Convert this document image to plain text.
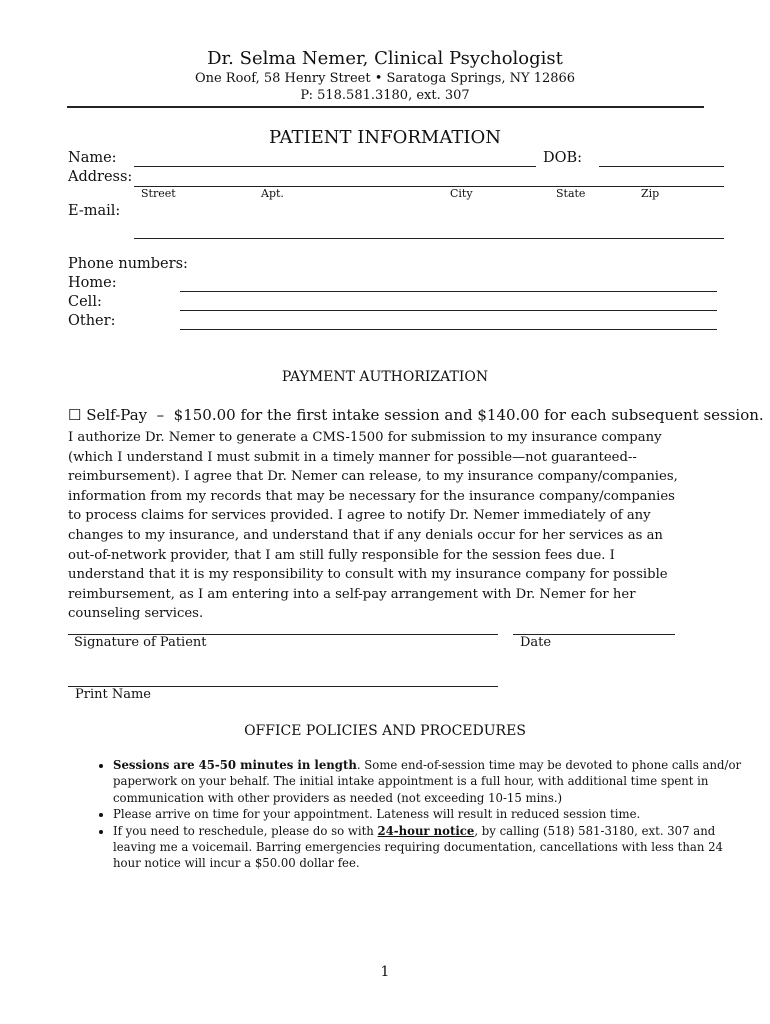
Dr. Selma Nemer, Clinical Psychologist
One Roof, 58 Henry Street • Saratoga Springs, NY 12866
P: 518.581.3180, ext. 307
PATIENT INFORMATION
Name:	DOB:
Address:
Street	Apt.	City	State	Zip
E-mail:
Phone numbers:
Home:
Cell:
Other:
PAYMENT AUTHORIZATION
☐ Self-Pay  –  $150.00 for the first intake session and $140.00 for each subsequent session.
I authorize Dr. Nemer to generate a CMS-1500 for submission to my insurance company (which I understand I must submit in a timely manner for possible—not guaranteed--reimbursement). I agree that Dr. Nemer can release, to my insurance company/companies, information from my records that may be necessary for the insurance company/companies to process claims for services provided. I agree to notify Dr. Nemer immediately of any changes to my insurance, and understand that if any denials occur for her services as an out-of-network provider, that I am still fully responsible for the session fees due. I understand that it is my responsibility to consult with my insurance company for possible reimbursement, as I am entering into a self-pay arrangement with Dr. Nemer for her counseling services.
Signature of Patient	Date
Print Name
OFFICE POLICIES AND PROCEDURES
• Sessions are 45-50 minutes in length. Some end-of-session time may be devoted to phone calls and/or paperwork on your behalf. The initial intake appointment is a full hour, with additional time spent in communication with other providers as needed (not exceeding 10-15 mins.)
• Please arrive on time for your appointment. Lateness will result in reduced session time.
• If you need to reschedule, please do so with 24-hour notice, by calling (518) 581-3180, ext. 307 and leaving me a voicemail. Barring emergencies requiring documentation, cancellations with less than 24 hour notice will incur a $50.00 dollar fee.
1
